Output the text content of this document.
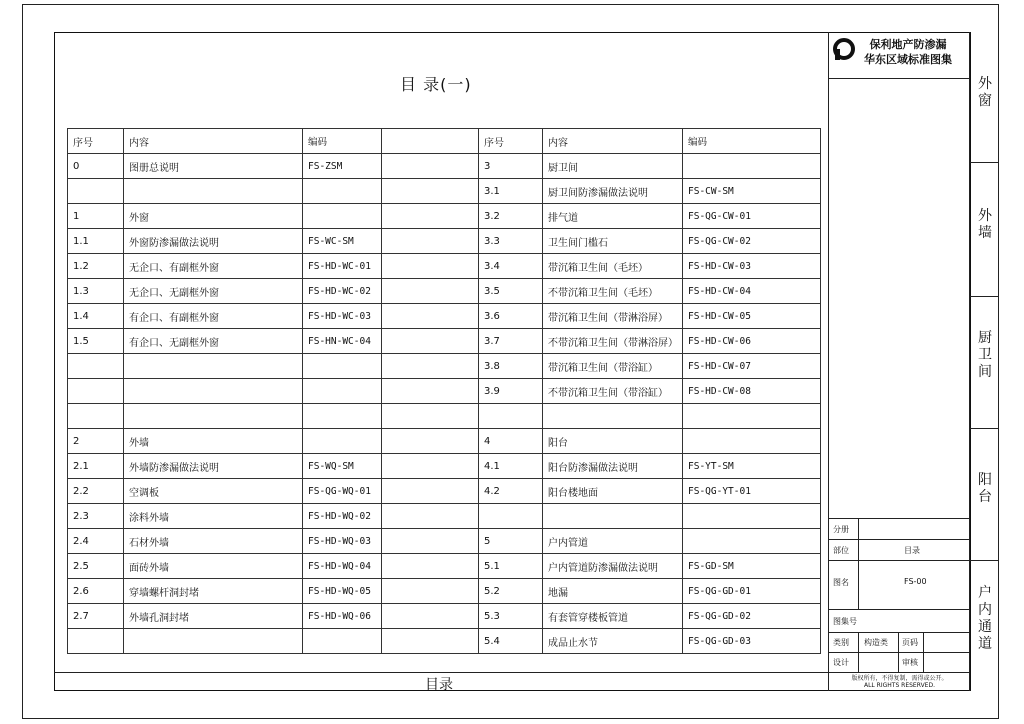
保利地产防渗漏
华东区域标准图集
目 录(一)
序号	内容	编码		序号	内容	编码
0	图册总说明	FS-ZSM		3	厨卫间	
				3.1	厨卫间防渗漏做法说明	FS-CW-SM
1	外窗			3.2	排气道	FS-QG-CW-01
1.1	外窗防渗漏做法说明	FS-WC-SM		3.3	卫生间门槛石	FS-QG-CW-02
1.2	无企口、有副框外窗	FS-HD-WC-01		3.4	带沉箱卫生间（毛坯）	FS-HD-CW-03
1.3	无企口、无副框外窗	FS-HD-WC-02		3.5	不带沉箱卫生间（毛坯）	FS-HD-CW-04
1.4	有企口、有副框外窗	FS-HD-WC-03		3.6	带沉箱卫生间（带淋浴屏）	FS-HD-CW-05
1.5	有企口、无副框外窗	FS-HN-WC-04		3.7	不带沉箱卫生间（带淋浴屏）	FS-HD-CW-06
				3.8	带沉箱卫生间（带浴缸）	FS-HD-CW-07
				3.9	不带沉箱卫生间（带浴缸）	FS-HD-CW-08

2	外墙			4	阳台	
2.1	外墙防渗漏做法说明	FS-WQ-SM		4.1	阳台防渗漏做法说明	FS-YT-SM
2.2	空调板	FS-QG-WQ-01		4.2	阳台楼地面	FS-QG-YT-01
2.3	涂料外墙	FS-HD-WQ-02				
2.4	石材外墙	FS-HD-WQ-03		5	户内管道	
2.5	面砖外墙	FS-HD-WQ-04		5.1	户内管道防渗漏做法说明	FS-GD-SM
2.6	穿墙螺杆洞封堵	FS-HD-WQ-05		5.2	地漏	FS-QG-GD-01
2.7	外墙孔洞封堵	FS-HD-WQ-06		5.3	有套管穿楼板管道	FS-QG-GD-02
				5.4	成品止水节	FS-QG-GD-03
分册
部位	目录
图名	FS-00
图集号
类别 构造类 页码
设计	审核
版权所有，不得复制，需得或公开。
ALL RIGHTS RESERVED.
外
窗
外
墙
厨
卫
间
阳
台
户
内
通
道
目录
